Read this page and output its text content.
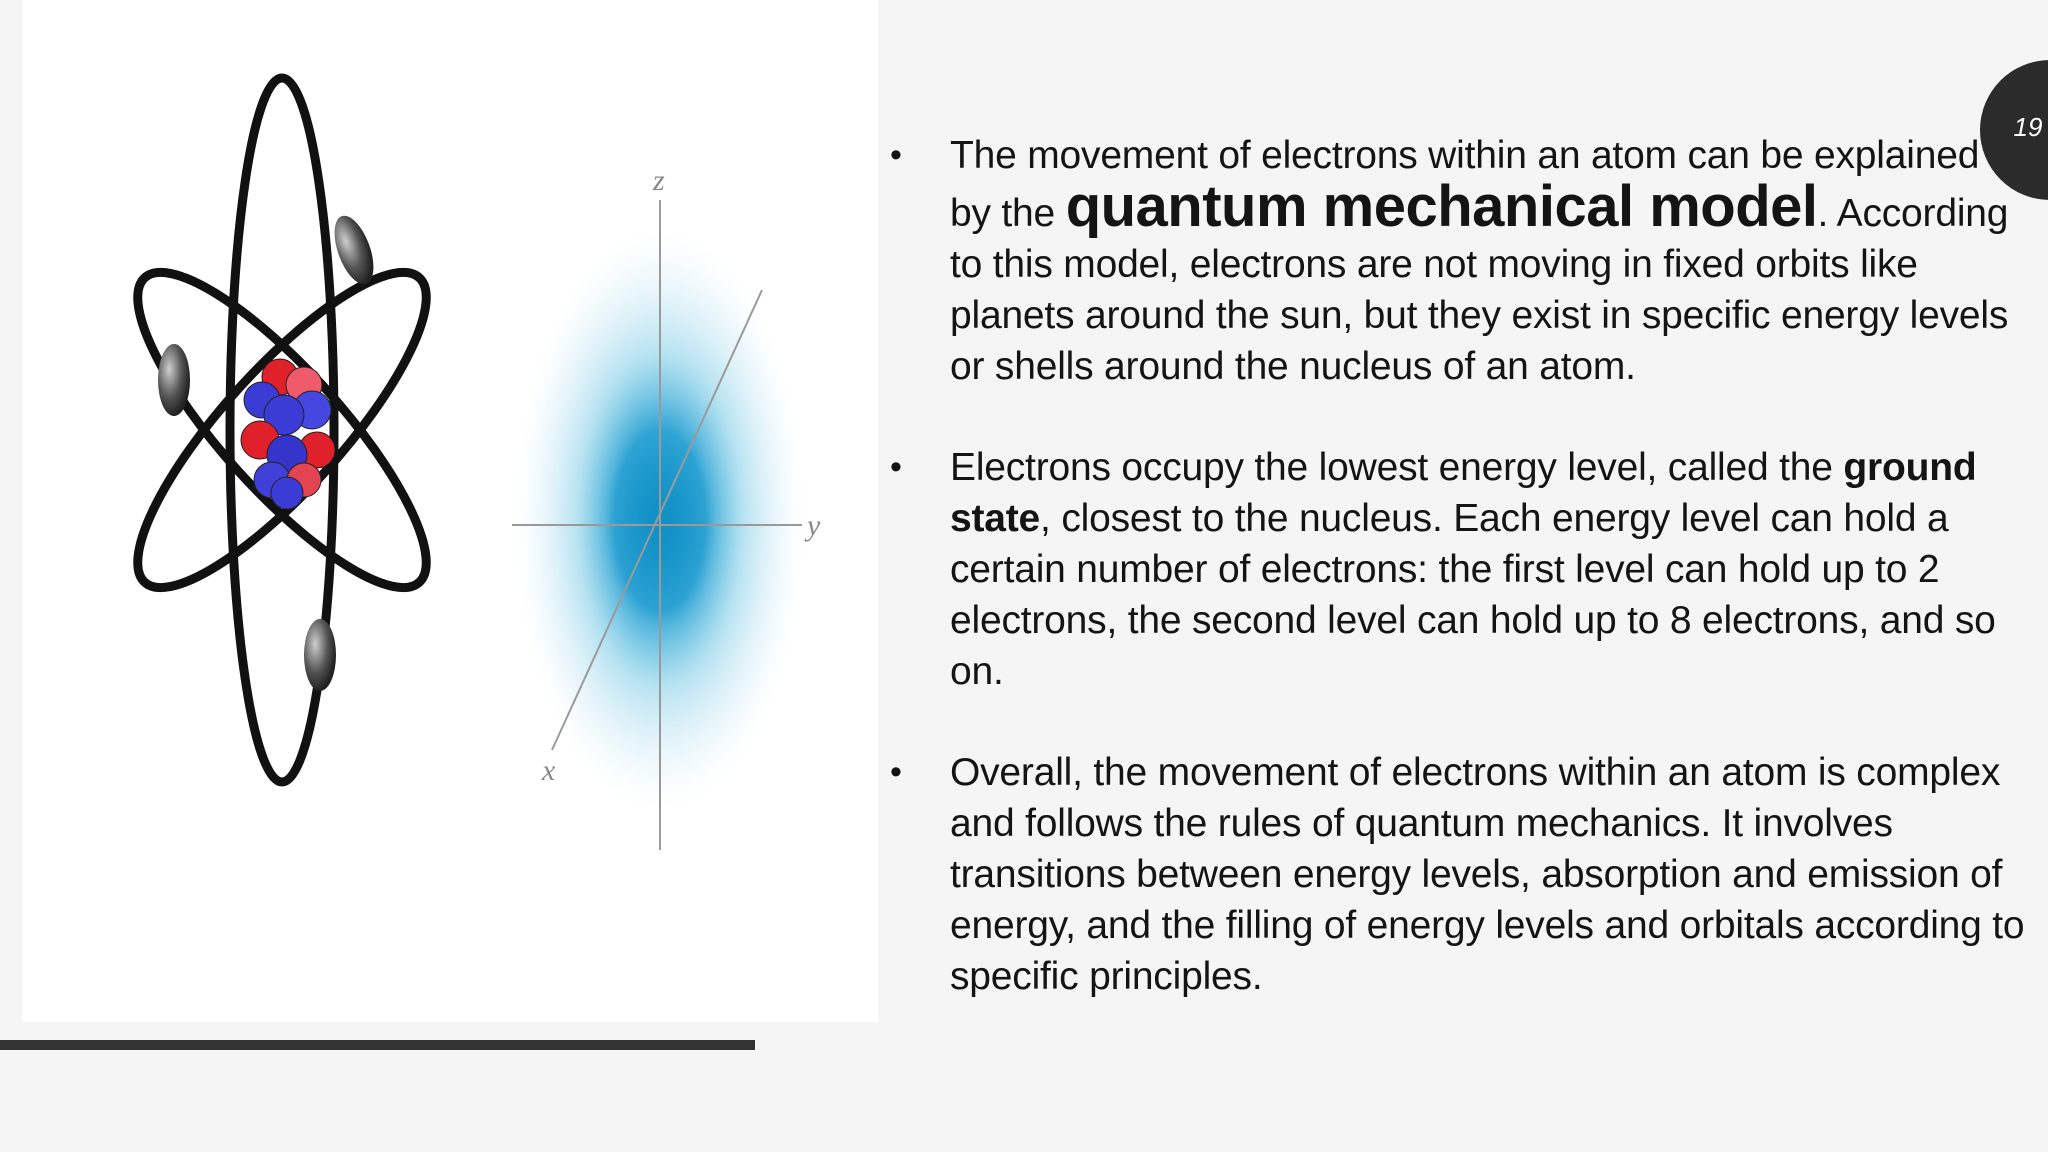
z
y
x
19
• The movement of electrons within an atom can be explained by the quantum mechanical model. According to this model, electrons are not moving in fixed orbits like planets around the sun, but they exist in specific energy levels or shells around the nucleus of an atom.
• Electrons occupy the lowest energy level, called the ground state, closest to the nucleus. Each energy level can hold a certain number of electrons: the first level can hold up to 2 electrons, the second level can hold up to 8 electrons, and so on.
• Overall, the movement of electrons within an atom is complex and follows the rules of quantum mechanics. It involves transitions between energy levels, absorption and emission of energy, and the filling of energy levels and orbitals according to specific principles.
